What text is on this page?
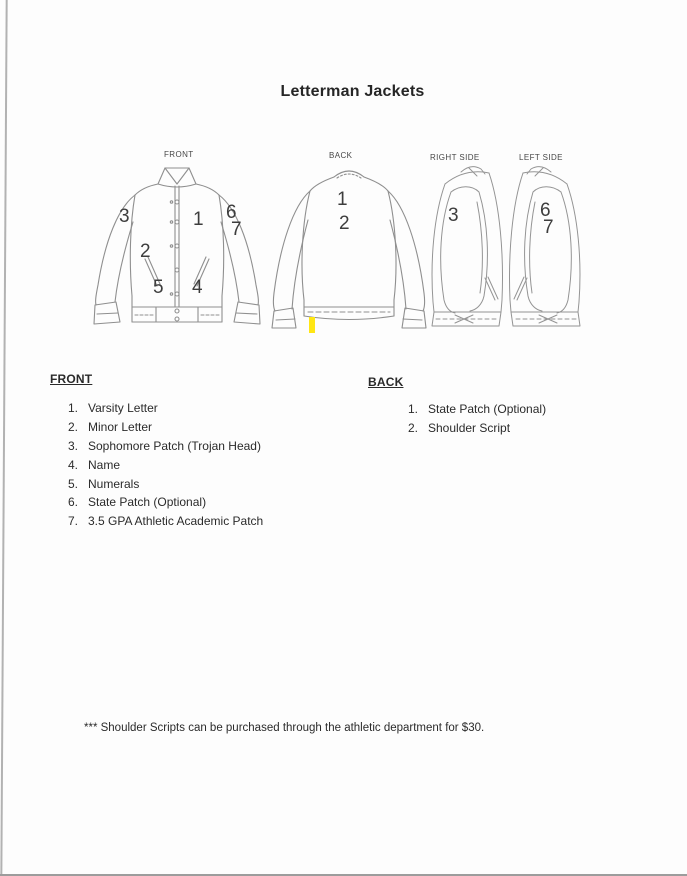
Letterman Jackets
FRONT	BACK	RIGHT SIDE	LEFT SIDE
1
2
3
4
5
6
7
1
2	3	6
7
FRONT
1. Varsity Letter
2. Minor Letter
3. Sophomore Patch (Trojan Head)
4. Name
5. Numerals
6. State Patch (Optional)
7. 3.5 GPA Athletic Academic Patch
BACK
1. State Patch (Optional)
2. Shoulder Script
*** Shoulder Scripts can be purchased through the athletic department for $30.
